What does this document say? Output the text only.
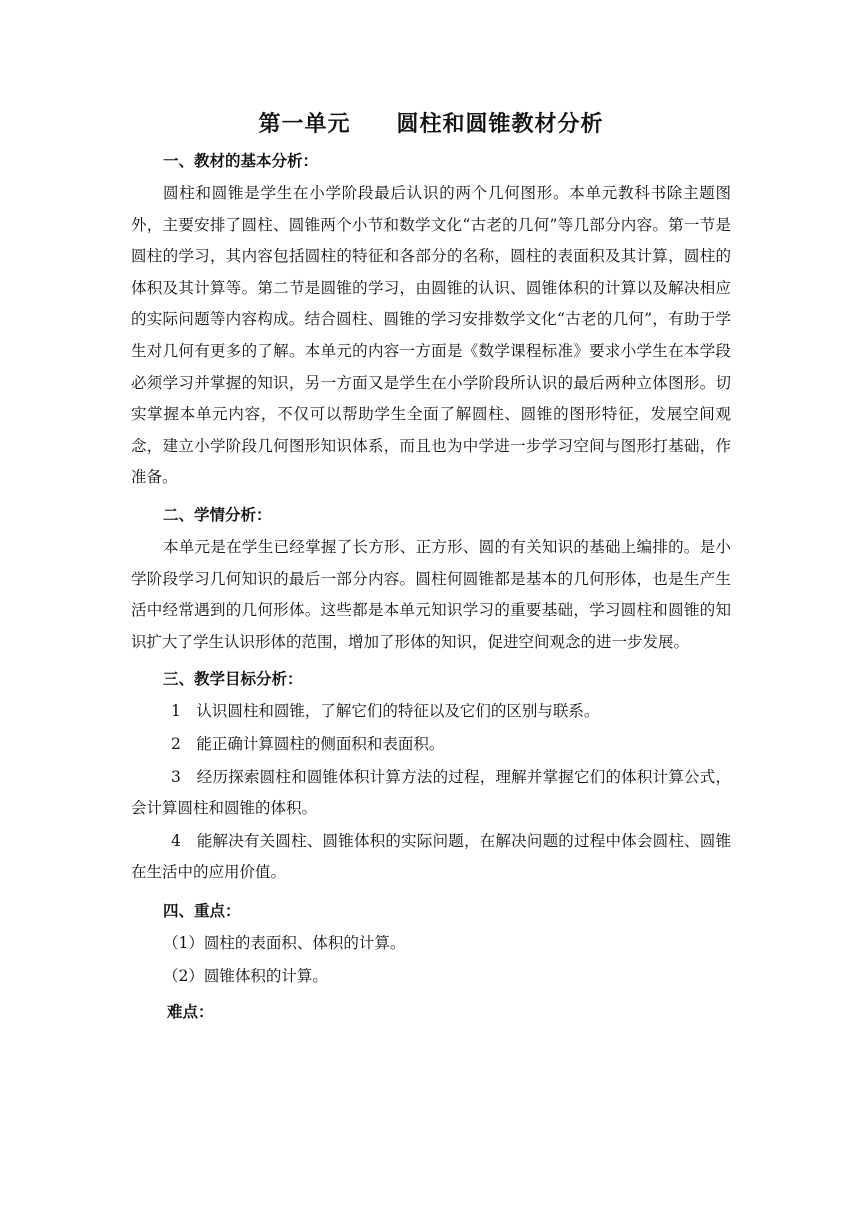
第一单元　　圆柱和圆锥教材分析
一、教材的基本分析：

圆柱和圆锥是学生在小学阶段最后认识的两个几何图形。本单元教科书除主题图外，主要安排了圆柱、圆锥两个小节和数学文化“古老的几何”等几部分内容。第一节是圆柱的学习，其内容包括圆柱的特征和各部分的名称，圆柱的表面积及其计算，圆柱的体积及其计算等。第二节是圆锥的学习，由圆锥的认识、圆锥体积的计算以及解决相应的实际问题等内容构成。结合圆柱、圆锥的学习安排数学文化“古老的几何”，有助于学生对几何有更多的了解。本单元的内容一方面是《数学课程标准》要求小学生在本学段必须学习并掌握的知识，另一方面又是学生在小学阶段所认识的最后两种立体图形。切实掌握本单元内容，不仅可以帮助学生全面了解圆柱、圆锥的图形特征，发展空间观念，建立小学阶段几何图形知识体系，而且也为中学进一步学习空间与图形打基础，作准备。

二、学情分析：

本单元是在学生已经掌握了长方形、正方形、圆的有关知识的基础上编排的。是小学阶段学习几何知识的最后一部分内容。圆柱何圆锥都是基本的几何形体，也是生产生活中经常遇到的几何形体。这些都是本单元知识学习的重要基础，学习圆柱和圆锥的知识扩大了学生认识形体的范围，增加了形体的知识，促进空间观念的进一步发展。

三、教学目标分析：

1　认识圆柱和圆锥，了解它们的特征以及它们的区别与联系。

2　能正确计算圆柱的侧面积和表面积。

3　经历探索圆柱和圆锥体积计算方法的过程，理解并掌握它们的体积计算公式，会计算圆柱和圆锥的体积。

4　能解决有关圆柱、圆锥体积的实际问题，在解决问题的过程中体会圆柱、圆锥在生活中的应用价值。

四、重点：

（1）圆柱的表面积、体积的计算。

（2）圆锥体积的计算。

难点：
